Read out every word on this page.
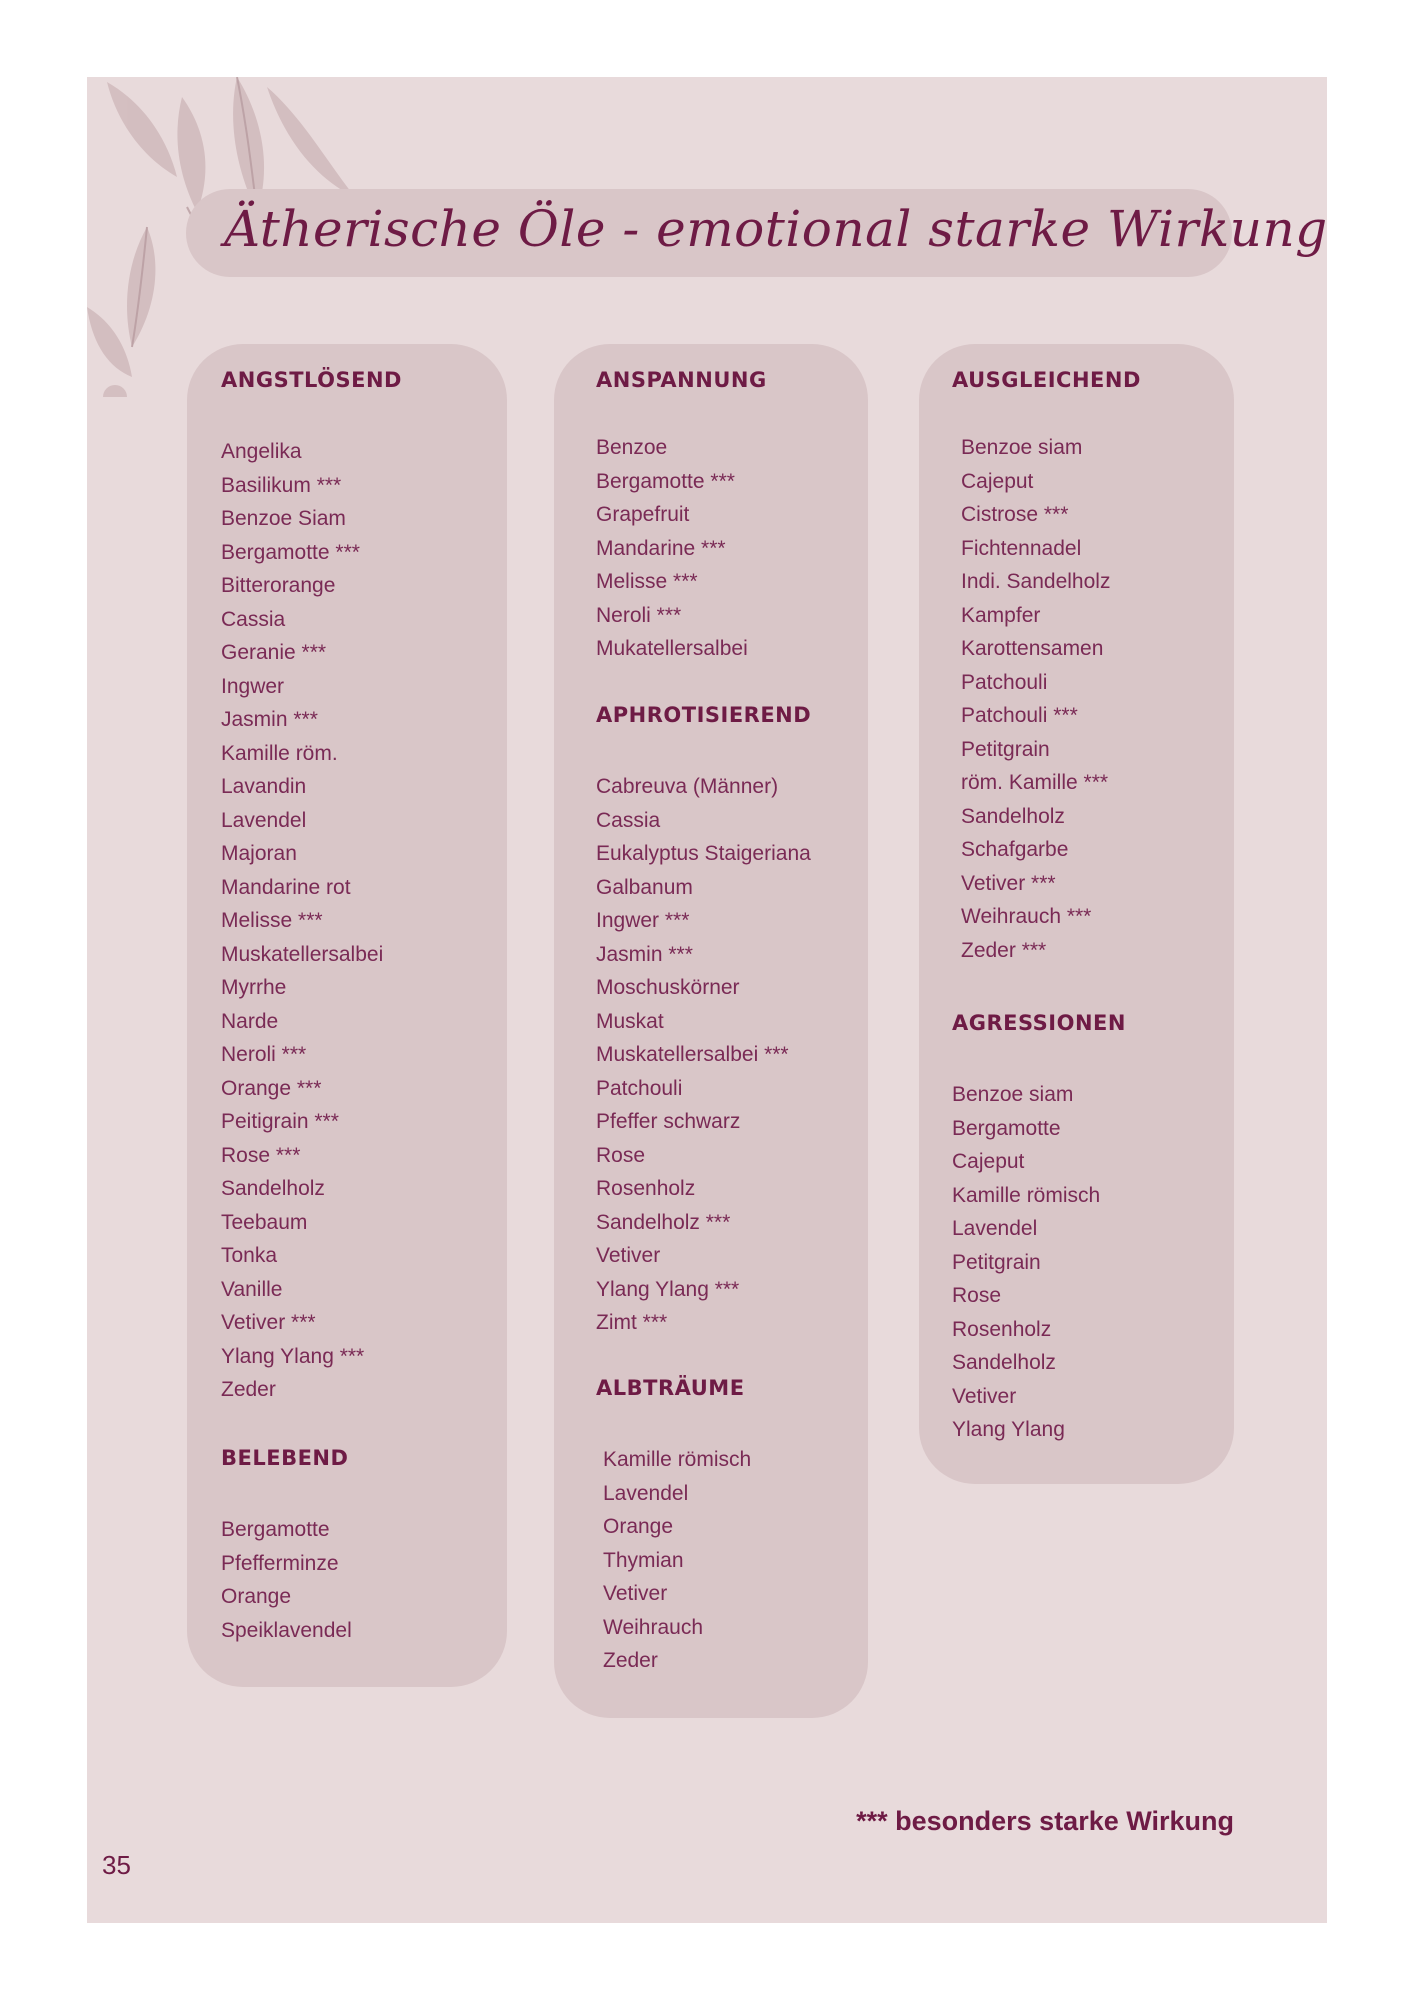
Ätherische Öle - emotional starke Wirkung
ANGSTLÖSEND
Angelika
Basilikum ***
Benzoe Siam
Bergamotte ***
Bitterorange
Cassia
Geranie ***
Ingwer
Jasmin ***
Kamille röm.
Lavandin
Lavendel
Majoran
Mandarine rot
Melisse ***
Muskatellersalbei
Myrrhe
Narde
Neroli ***
Orange ***
Peitigrain ***
Rose ***
Sandelholz
Teebaum
Tonka
Vanille
Vetiver ***
Ylang Ylang ***
Zeder
BELEBEND
Bergamotte
Pfefferminze
Orange
Speiklavendel
ANSPANNUNG
Benzoe
Bergamotte ***
Grapefruit
Mandarine ***
Melisse ***
Neroli ***
Mukatellersalbei
APHROTISIEREND
Cabreuva (Männer)
Cassia
Eukalyptus Staigeriana
Galbanum
Ingwer ***
Jasmin ***
Moschuskörner
Muskat
Muskatellersalbei ***
Patchouli
Pfeffer schwarz
Rose
Rosenholz
Sandelholz ***
Vetiver
Ylang Ylang ***
Zimt ***
ALBTRÄUME
Kamille römisch
Lavendel
Orange
Thymian
Vetiver
Weihrauch
Zeder
AUSGLEICHEND
Benzoe siam
Cajeput
Cistrose ***
Fichtennadel
Indi. Sandelholz
Kampfer
Karottensamen
Patchouli
Patchouli ***
Petitgrain
röm. Kamille ***
Sandelholz
Schafgarbe
Vetiver ***
Weihrauch ***
Zeder ***
AGRESSIONEN
Benzoe siam
Bergamotte
Cajeput
Kamille römisch
Lavendel
Petitgrain
Rose
Rosenholz
Sandelholz
Vetiver
Ylang Ylang
*** besonders starke Wirkung
35
